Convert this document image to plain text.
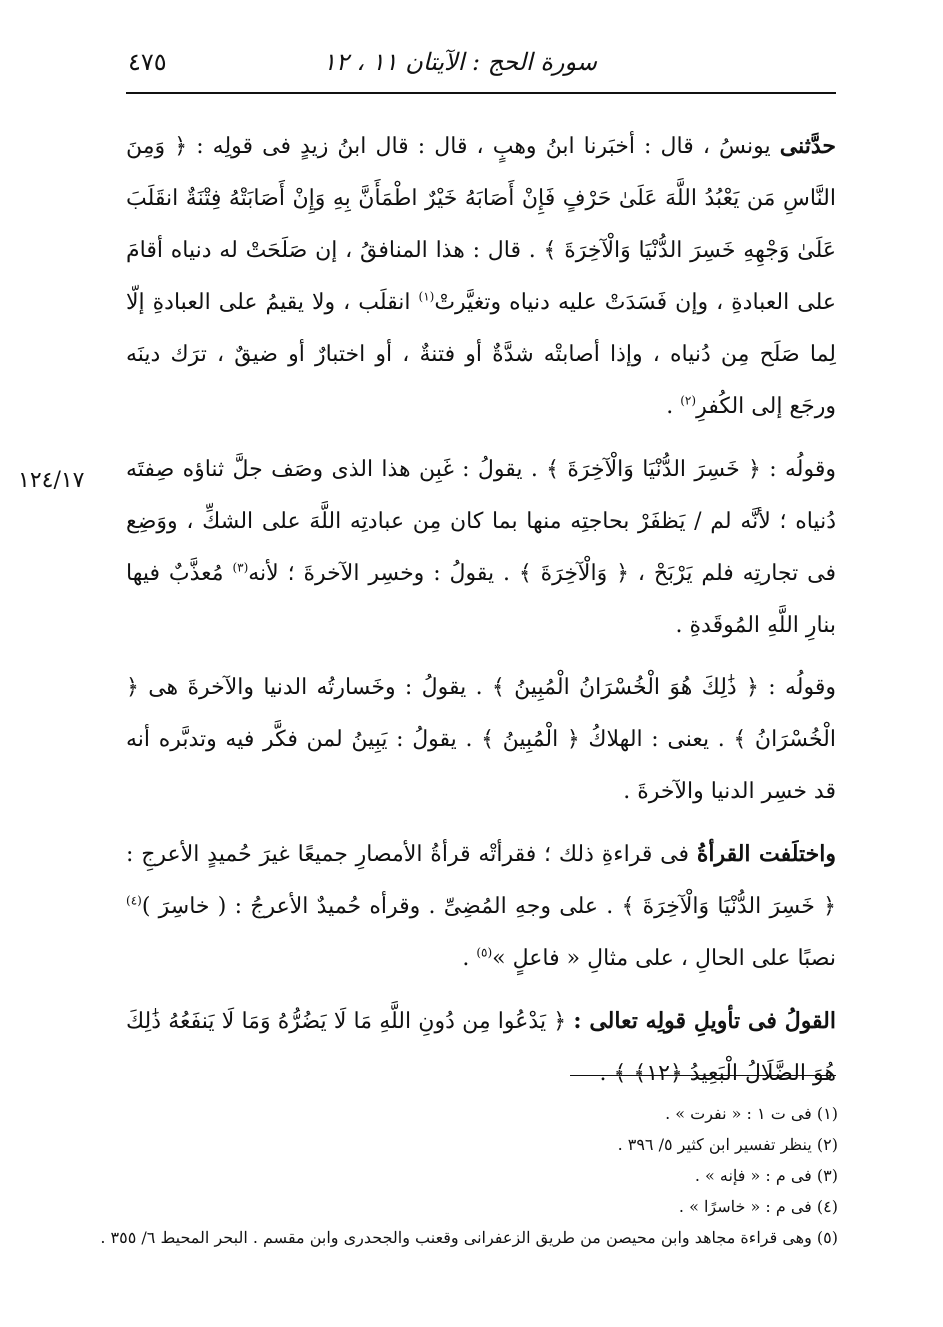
سورة الحج : الآيتان ١١ ، ١٢
٤٧٥
١٢٤/١٧

حدَّثنى يونسُ ، قال : أخبَرنا ابنُ وهبٍ ، قال : قال ابنُ زيدٍ فى قولِه : ﴿ وَمِنَ النَّاسِ مَن يَعْبُدُ اللَّهَ عَلَىٰ حَرْفٍ فَإِنْ أَصَابَهُ خَيْرٌ اطْمَأَنَّ بِهِ وَإِنْ أَصَابَتْهُ فِتْنَةٌ انقَلَبَ عَلَىٰ وَجْهِهِ خَسِرَ الدُّنْيَا وَالْآخِرَةَ ﴾ . قال : هذا المنافقُ ، إن صَلَحَتْ له دنياه أقامَ على العبادةِ ، وإن فَسَدَتْ عليه دنياه وتغيَّرتْ$^{(١)}$ انقلَب ، ولا يقيمُ على العبادةِ إلّا لِما صَلَح مِن دُنياه ، وإذا أصابتْه شدَّةٌ أو فتنةٌ ، أو اختبارٌ أو ضيقٌ ، ترَك دينَه ورجَع إلى الكُفرِ$^{(٢)}$ .

وقولُه : ﴿ خَسِرَ الدُّنْيَا وَالْآخِرَةَ ﴾ . يقولُ : غَبِن هذا الذى وصَف جلَّ ثناؤه صِفتَه دُنياه ؛ لأنَّه لم / يَظفَرْ بحاجتِه منها بما كان مِن عبادتِه اللَّهَ على الشكِّ ، ووَضِع فى تجارتِه فلم يَرْبَحْ ، ﴿ وَالْآخِرَةَ ﴾ . يقولُ : وخسِر الآخرةَ ؛ لأنه$^{(٣)}$ مُعذَّبٌ فيها بنارِ اللَّهِ المُوقَدةِ .

وقولُه : ﴿ ذَٰلِكَ هُوَ الْخُسْرَانُ الْمُبِينُ ﴾ . يقولُ : وخَسارتُه الدنيا والآخرةَ هى ﴿ الْخُسْرَانُ ﴾ . يعنى : الهلاكُ ﴿ الْمُبِينُ ﴾ . يقولُ : يَبِينُ لمن فكَّر فيه وتدبَّره أنه قد خسِر الدنيا والآخرةَ .

واختلَفت القرأةُ فى قراءةِ ذلك ؛ فقرأتْه قرأةُ الأمصارِ جميعًا غيرَ حُميدٍ الأعرجِ : ﴿ خَسِرَ الدُّنْيَا وَالْآخِرَةَ ﴾ . على وجهِ المُضِىِّ . وقرأه حُميدٌ الأعرجُ : ( خاسِرَ )$^{(٤)}$ نصبًا على الحالِ ، على مثالِ « فاعلٍ »$^{(٥)}$ .

القولُ فى تأويلِ قولِه تعالى : ﴿ يَدْعُوا مِن دُونِ اللَّهِ مَا لَا يَضُرُّهُ وَمَا لَا يَنفَعُهُ ذَٰلِكَ هُوَ الضَّلَالُ الْبَعِيدُ ﴿١٢﴾ ﴾ .

(١) فى ت ١ : « نفرت » .
(٢) ينظر تفسير ابن كثير ٥/ ٣٩٦ .
(٣) فى م : « فإنه » .
(٤) فى م : « خاسرًا » .
(٥) وهى قراءة مجاهد وابن محيصن من طريق الزعفرانى وقعنب والجحدرى وابن مقسم . البحر المحيط ٦/ ٣٥٥ .
